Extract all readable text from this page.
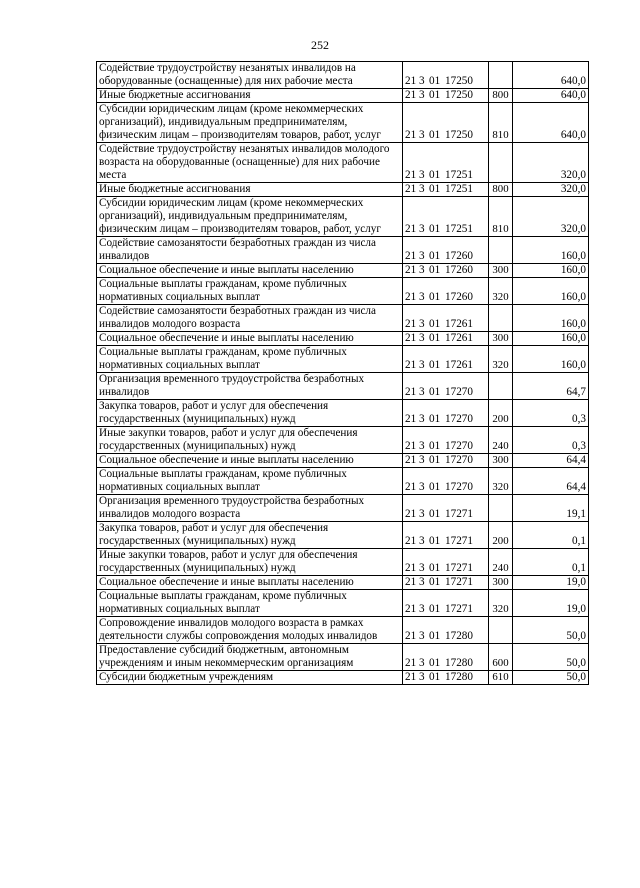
252
Содействие трудоустройству незанятых инвалидов на оборудованные (оснащенные) для них рабочие места	21 3 01 17250		640,0
Иные бюджетные ассигнования	21 3 01 17250	800	640,0
Субсидии юридическим лицам (кроме некоммерческих организаций), индивидуальным предпринимателям, физическим лицам – производителям товаров, работ, услуг	21 3 01 17250	810	640,0
Содействие трудоустройству незанятых инвалидов молодого возраста на оборудованные (оснащенные) для них рабочие места	21 3 01 17251		320,0
Иные бюджетные ассигнования	21 3 01 17251	800	320,0
Субсидии юридическим лицам (кроме некоммерческих организаций), индивидуальным предпринимателям, физическим лицам – производителям товаров, работ, услуг	21 3 01 17251	810	320,0
Содействие самозанятости безработных граждан из числа инвалидов	21 3 01 17260		160,0
Социальное обеспечение и иные выплаты населению	21 3 01 17260	300	160,0
Социальные выплаты гражданам, кроме публичных нормативных социальных выплат	21 3 01 17260	320	160,0
Содействие самозанятости безработных граждан из числа инвалидов молодого возраста	21 3 01 17261		160,0
Социальное обеспечение и иные выплаты населению	21 3 01 17261	300	160,0
Социальные выплаты гражданам, кроме публичных нормативных социальных выплат	21 3 01 17261	320	160,0
Организация временного трудоустройства безработных инвалидов	21 3 01 17270		64,7
Закупка товаров, работ и услуг для обеспечения государственных (муниципальных) нужд	21 3 01 17270	200	0,3
Иные закупки товаров, работ и услуг для обеспечения государственных (муниципальных) нужд	21 3 01 17270	240	0,3
Социальное обеспечение и иные выплаты населению	21 3 01 17270	300	64,4
Социальные выплаты гражданам, кроме публичных нормативных социальных выплат	21 3 01 17270	320	64,4
Организация временного трудоустройства безработных инвалидов молодого возраста	21 3 01 17271		19,1
Закупка товаров, работ и услуг для обеспечения государственных (муниципальных) нужд	21 3 01 17271	200	0,1
Иные закупки товаров, работ и услуг для обеспечения государственных (муниципальных) нужд	21 3 01 17271	240	0,1
Социальное обеспечение и иные выплаты населению	21 3 01 17271	300	19,0
Социальные выплаты гражданам, кроме публичных нормативных социальных выплат	21 3 01 17271	320	19,0
Сопровождение инвалидов молодого возраста в рамках деятельности службы сопровождения молодых инвалидов	21 3 01 17280		50,0
Предоставление субсидий бюджетным, автономным учреждениям и иным некоммерческим организациям	21 3 01 17280	600	50,0
Субсидии бюджетным учреждениям	21 3 01 17280	610	50,0
